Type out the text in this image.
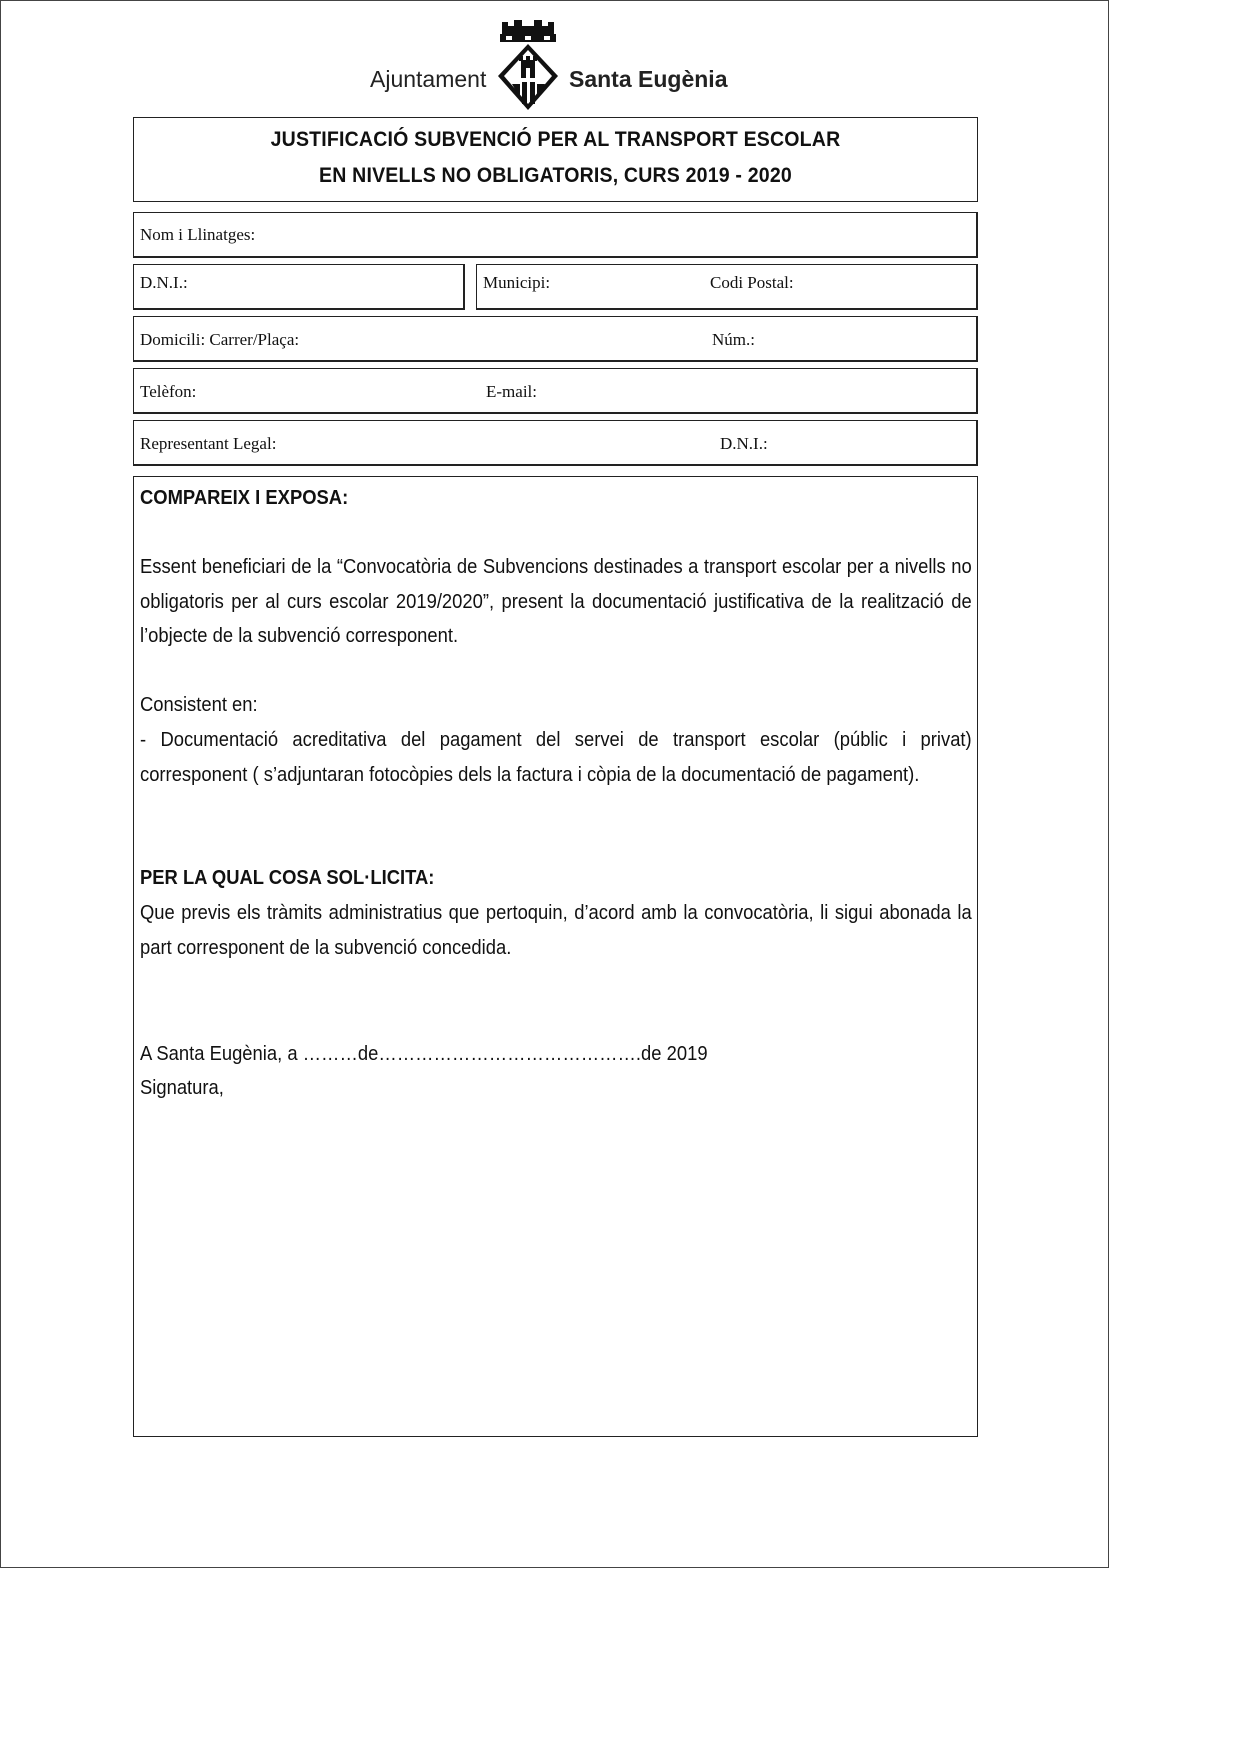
Ajuntament	Santa Eugènia
JUSTIFICACIÓ SUBVENCIÓ PER AL TRANSPORT ESCOLAR
EN NIVELLS NO OBLIGATORIS, CURS 2019 - 2020
Nom i Llinatges:
D.N.I.:	Municipi:	Codi Postal:
Domicili: Carrer/Plaça:	Núm.:
Telèfon:	E-mail:
Representant Legal:	D.N.I.:
COMPAREIX I EXPOSA:
Essent beneficiari de la “Convocatòria de Subvencions destinades a transport escolar per a nivells no obligatoris per al curs escolar 2019/2020”, present la documentació justificativa de la realització de l’objecte de la subvenció corresponent.
Consistent en:
- Documentació acreditativa del pagament del servei de transport escolar (públic i privat) corresponent ( s’adjuntaran fotocòpies dels la factura i còpia de la documentació de pagament).
PER LA QUAL COSA SOL·LICITA:
Que previs els tràmits administratius que pertoquin, d’acord amb la convocatòria, li sigui abonada la part corresponent de la subvenció concedida.
A Santa Eugènia, a ………de…………………………………….de 2019
Signatura,
